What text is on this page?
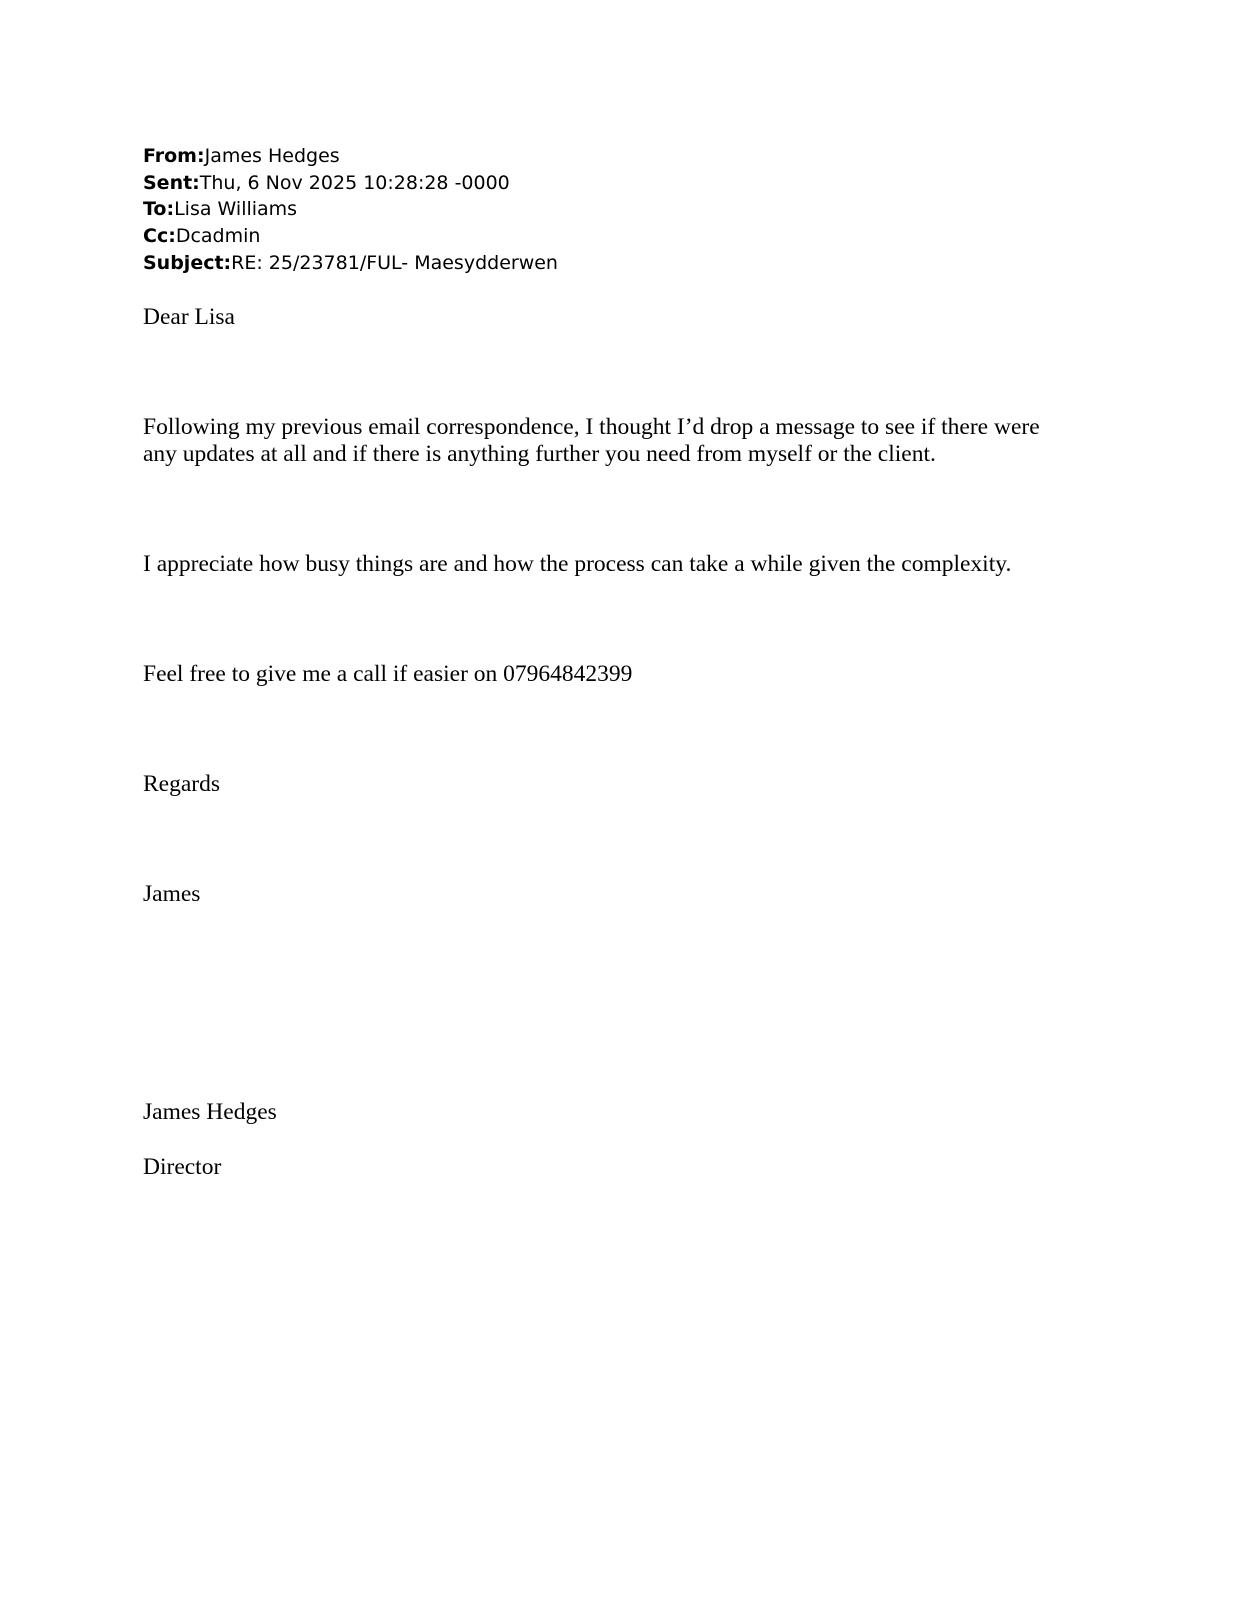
From:James Hedges
Sent:Thu, 6 Nov 2025 10:28:28 -0000
To:Lisa Williams
Cc:Dcadmin
Subject:RE: 25/23781/FUL- Maesydderwen

Dear Lisa

Following my previous email correspondence, I thought I’d drop a message to see if there were any updates at all and if there is anything further you need from myself or the client.

I appreciate how busy things are and how the process can take a while given the complexity.

Feel free to give me a call if easier on 07964842399

Regards

James

James Hedges

Director
